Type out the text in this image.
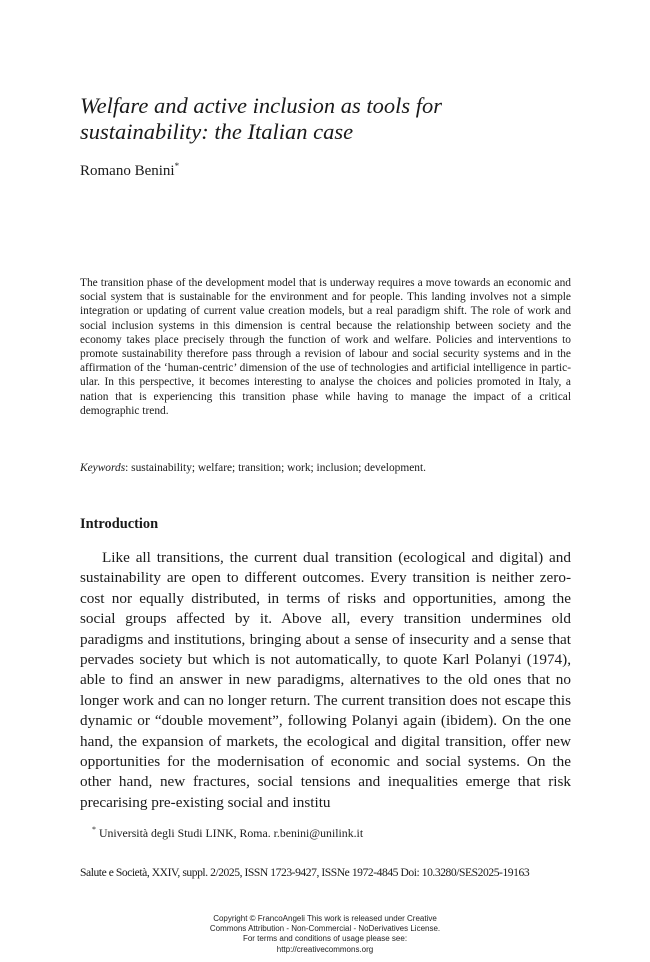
Welfare and active inclusion as tools for
sustainability: the Italian case
Romano Benini*

The transition phase of the development model that is underway requires a move towards an economic and social system that is sustainable for the environment and for people. This landing involves not a simple integration or updating of current value creation models, but a real paradigm shift. The role of work and social inclusion systems in this dimension is central because the relationship between society and the economy takes place precisely through the function of work and welfare. Policies and interventions to promote sustainability therefore pass through a revision of labour and social security systems and in the affirmation of the ‘human-centric’ dimension of the use of technologies and artificial intelligence in particular. In this perspective, it becomes interesting to analyse the choices and policies promoted in Italy, a nation that is experiencing this transition phase while having to manage the impact of a critical demographic trend.

Keywords: sustainability; welfare; transition; work; inclusion; development.

Introduction

Like all transitions, the current dual transition (ecological and digital) and sustainability are open to different outcomes. Every transition is neither zero-cost nor equally distributed, in terms of risks and opportunities, among the social groups affected by it. Above all, every transition undermines old paradigms and institutions, bringing about a sense of insecurity and a sense that pervades society but which is not automatically, to quote Karl Polanyi (1974), able to find an answer in new paradigms, alternatives to the old ones that no longer work and can no longer return. The current transition does not escape this dynamic or “double movement”, following Polanyi again (ibidem). On the one hand, the expansion of markets, the ecological and digital transition, offer new opportunities for the modernisation of economic and social systems. On the other hand, new fractures, social tensions and inequalities emerge that risk precarising pre-existing social and institu

* Università degli Studi LINK, Roma. r.benini@unilink.it

Salute e Società, XXIV, suppl. 2/2025, ISSN 1723-9427, ISSNe 1972-4845 Doi: 10.3280/SES2025-19163

Copyright © FrancoAngeli This work is released under Creative
Commons Attribution - Non-Commercial - NoDerivatives License.
For terms and conditions of usage please see:
http://creativecommons.org
